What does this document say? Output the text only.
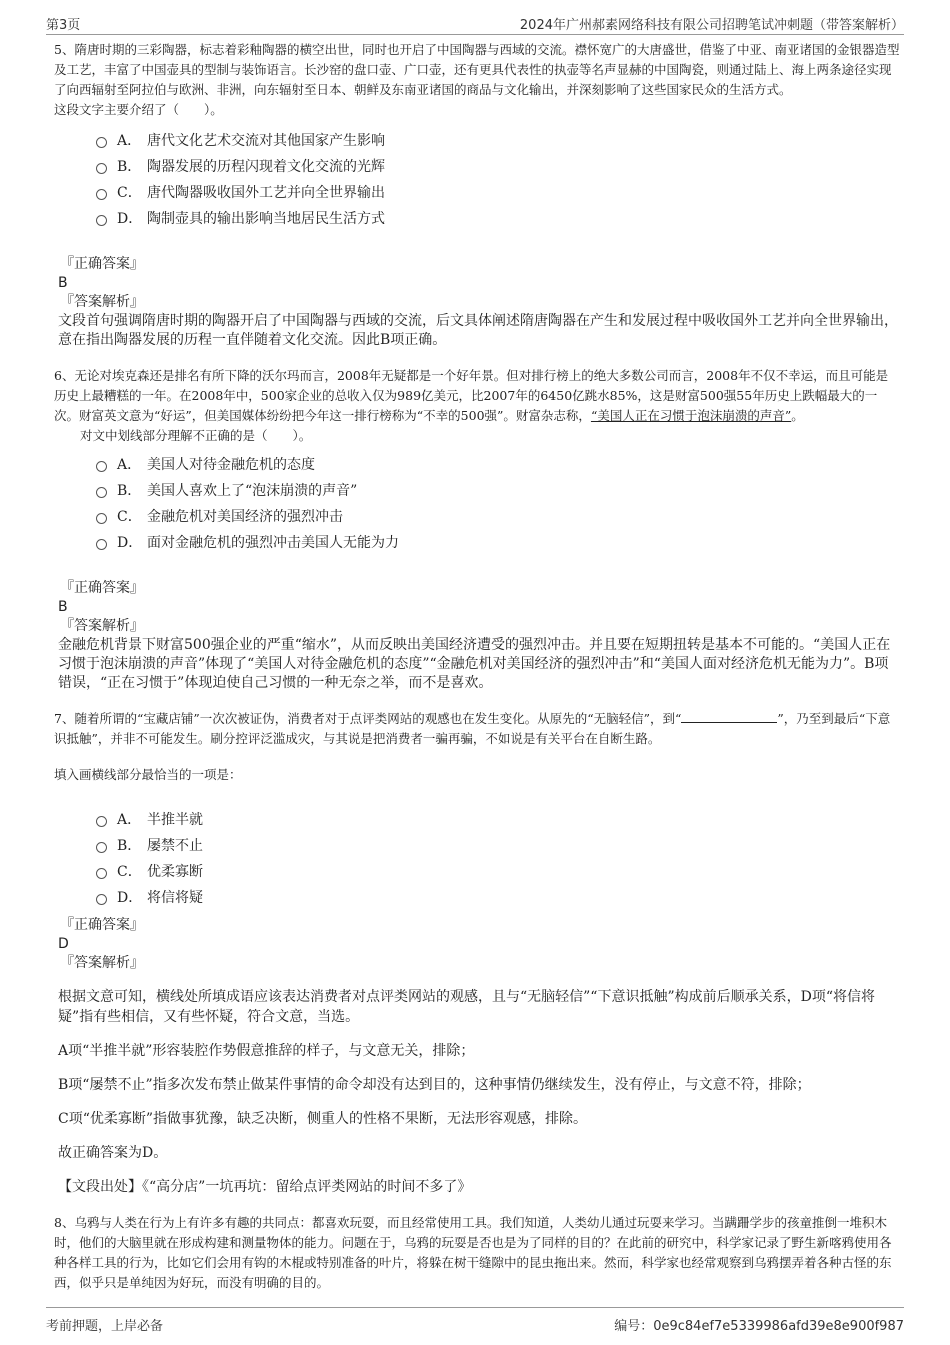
第3页	2024年广州郝素网络科技有限公司招聘笔试冲刺题（带答案解析）

5、隋唐时期的三彩陶器，标志着彩釉陶器的横空出世，同时也开启了中国陶器与西域的交流。襟怀宽广的大唐盛世，借鉴了中亚、南亚诸国的金银器造型及工艺，丰富了中国壶具的型制与装饰语言。长沙窑的盘口壶、广口壶，还有更具代表性的执壶等名声显赫的中国陶瓷，则通过陆上、海上两条途径实现了向西辐射至阿拉伯与欧洲、非洲，向东辐射至日本、朝鲜及东南亚诸国的商品与文化输出，并深刻影响了这些国家民众的生活方式。

这段文字主要介绍了（　　）。

A． 唐代文化艺术交流对其他国家产生影响
B． 陶器发展的历程闪现着文化交流的光辉
C． 唐代陶器吸收国外工艺并向全世界输出
D． 陶制壶具的输出影响当地居民生活方式

『正确答案』

B

『答案解析』

文段首句强调隋唐时期的陶器开启了中国陶器与西域的交流，后文具体阐述隋唐陶器在产生和发展过程中吸收国外工艺并向全世界输出，意在指出陶器发展的历程一直伴随着文化交流。因此B项正确。

6、无论对埃克森还是排名有所下降的沃尔玛而言，2008年无疑都是一个好年景。但对排行榜上的绝大多数公司而言，2008年不仅不幸运，而且可能是历史上最糟糕的一年。在2008年中，500家企业的总收入仅为989亿美元，比2007年的6450亿跳水85%，这是财富500强55年历史上跌幅最大的一次。财富英文意为“好运”，但美国媒体纷纷把今年这一排行榜称为“不幸的500强”。财富杂志称，“美国人正在习惯于泡沫崩溃的声音”。

对文中划线部分理解不正确的是（　　）。

A． 美国人对待金融危机的态度
B． 美国人喜欢上了“泡沫崩溃的声音”
C． 金融危机对美国经济的强烈冲击
D． 面对金融危机的强烈冲击美国人无能为力

『正确答案』

B

『答案解析』

金融危机背景下财富500强企业的严重“缩水”，从而反映出美国经济遭受的强烈冲击。并且要在短期扭转是基本不可能的。“美国人正在习惯于泡沫崩溃的声音”体现了“美国人对待金融危机的态度”“金融危机对美国经济的强烈冲击”和“美国人面对经济危机无能为力”。B项错误，“正在习惯于”体现迫使自己习惯的一种无奈之举，而不是喜欢。

7、随着所谓的“宝藏店铺”一次次被证伪，消费者对于点评类网站的观感也在发生变化。从原先的“无脑轻信”，到“	”，乃至到最后“下意识抵触”，并非不可能发生。刷分控评泛滥成灾，与其说是把消费者一骗再骗，不如说是有关平台在自断生路。

填入画横线部分最恰当的一项是：

A． 半推半就
B． 屡禁不止
C． 优柔寡断
D． 将信将疑

『正确答案』

D

『答案解析』

根据文意可知，横线处所填成语应该表达消费者对点评类网站的观感，且与“无脑轻信”“下意识抵触”构成前后顺承关系，D项“将信将疑”指有些相信，又有些怀疑，符合文意，当选。

A项“半推半就”形容装腔作势假意推辞的样子，与文意无关，排除；

B项“屡禁不止”指多次发布禁止做某件事情的命令却没有达到目的，这种事情仍继续发生，没有停止，与文意不符，排除；

C项“优柔寡断”指做事犹豫，缺乏决断，侧重人的性格不果断，无法形容观感，排除。

故正确答案为D。

【文段出处】《“高分店”一坑再坑：留给点评类网站的时间不多了》

8、乌鸦与人类在行为上有许多有趣的共同点：都喜欢玩耍，而且经常使用工具。我们知道，人类幼儿通过玩耍来学习。当蹒跚学步的孩童推倒一堆积木时，他们的大脑里就在形成构建和测量物体的能力。问题在于，乌鸦的玩耍是否也是为了同样的目的？在此前的研究中，科学家记录了野生新喀鸦使用各种各样工具的行为，比如它们会用有钩的木棍或特别准备的叶片，将躲在树干缝隙中的昆虫拖出来。然而，科学家也经常观察到乌鸦摆弄着各种古怪的东西，似乎只是单纯因为好玩，而没有明确的目的。

考前押题，上岸必备	编号：0e9c84ef7e5339986afd39e8e900f987
